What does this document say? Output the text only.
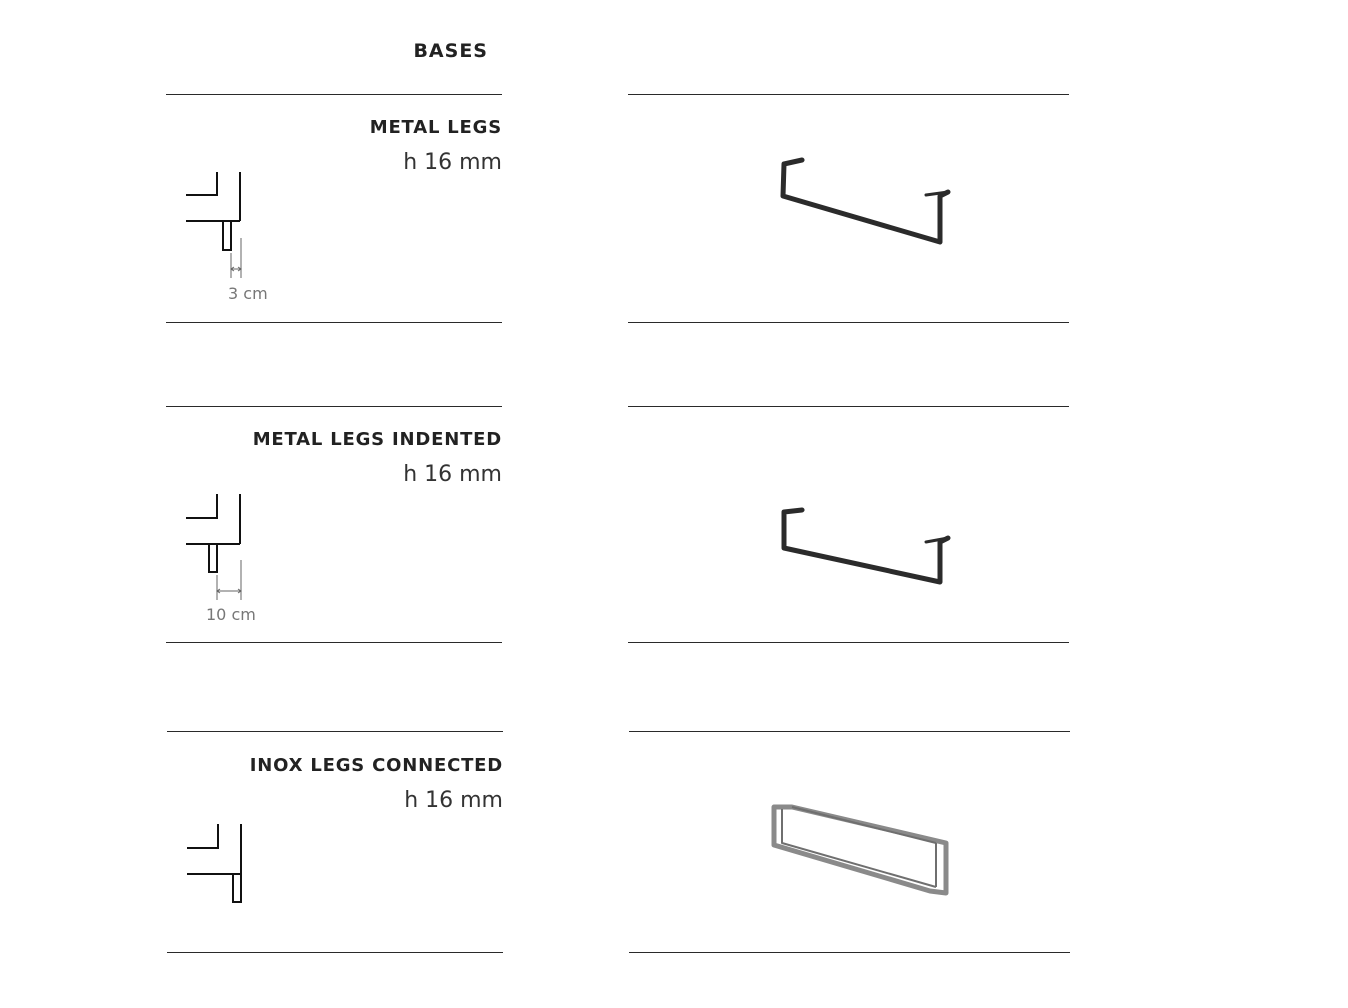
BASES
METAL LEGS
h 16 mm
3 cm
METAL LEGS INDENTED
h 16 mm
10 cm
INOX LEGS CONNECTED
h 16 mm
